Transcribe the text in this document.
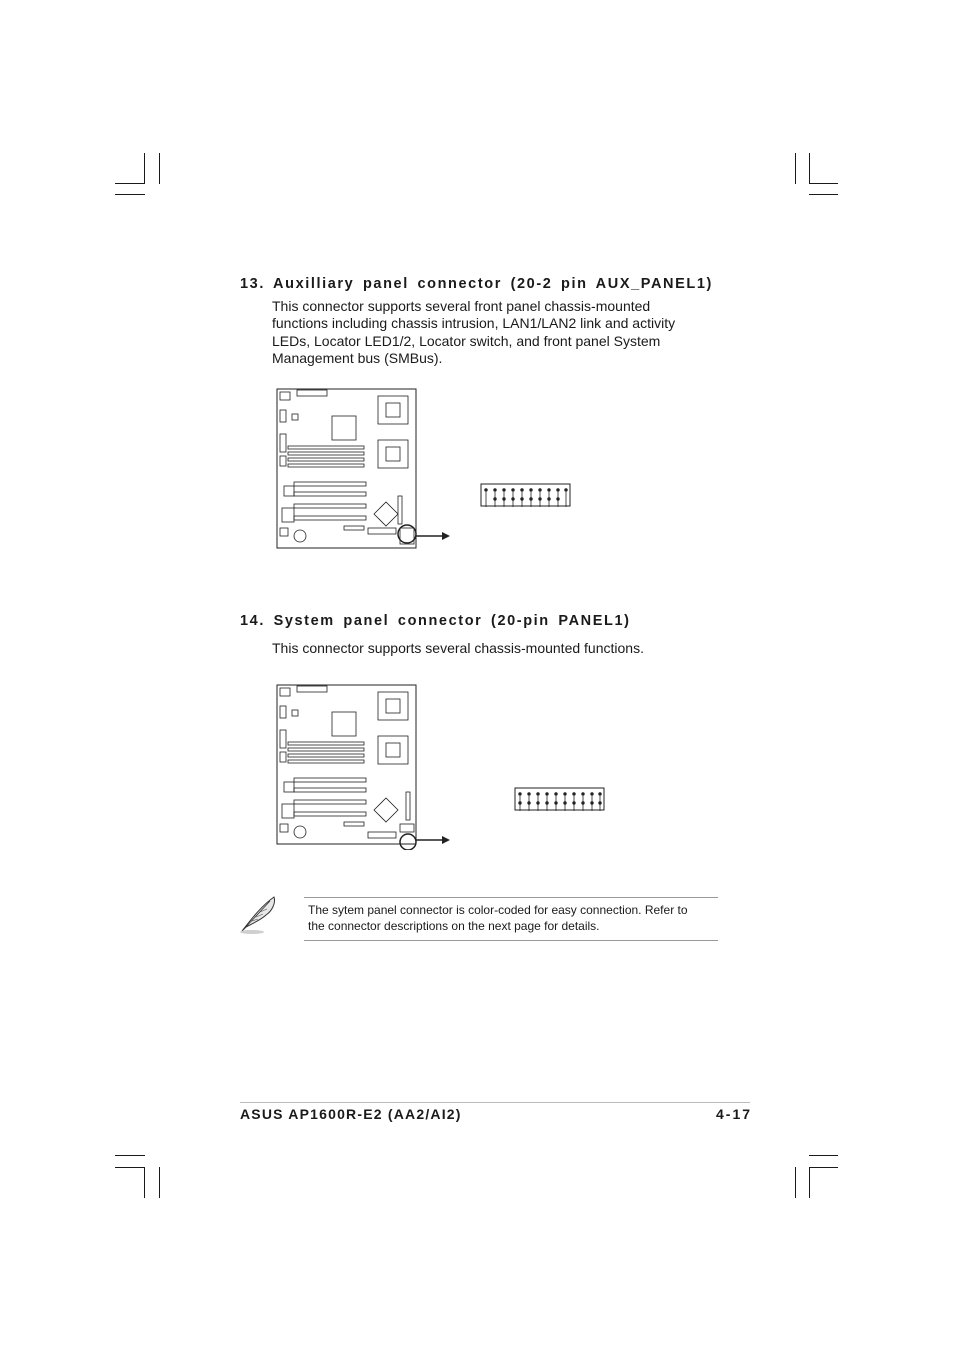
13. Auxilliary panel connector (20-2 pin AUX_PANEL1)
This connector supports several front panel chassis-mounted
functions including chassis intrusion, LAN1/LAN2 link and activity
LEDs, Locator LED1/2, Locator switch, and front panel System
Management bus (SMBus).
14. System panel connector (20-pin PANEL1)
This connector supports several chassis-mounted functions.
The sytem panel connector is color-coded for easy connection. Refer to
the connector descriptions on the next page for details.
ASUS AP1600R-E2 (AA2/AI2)	4-17
